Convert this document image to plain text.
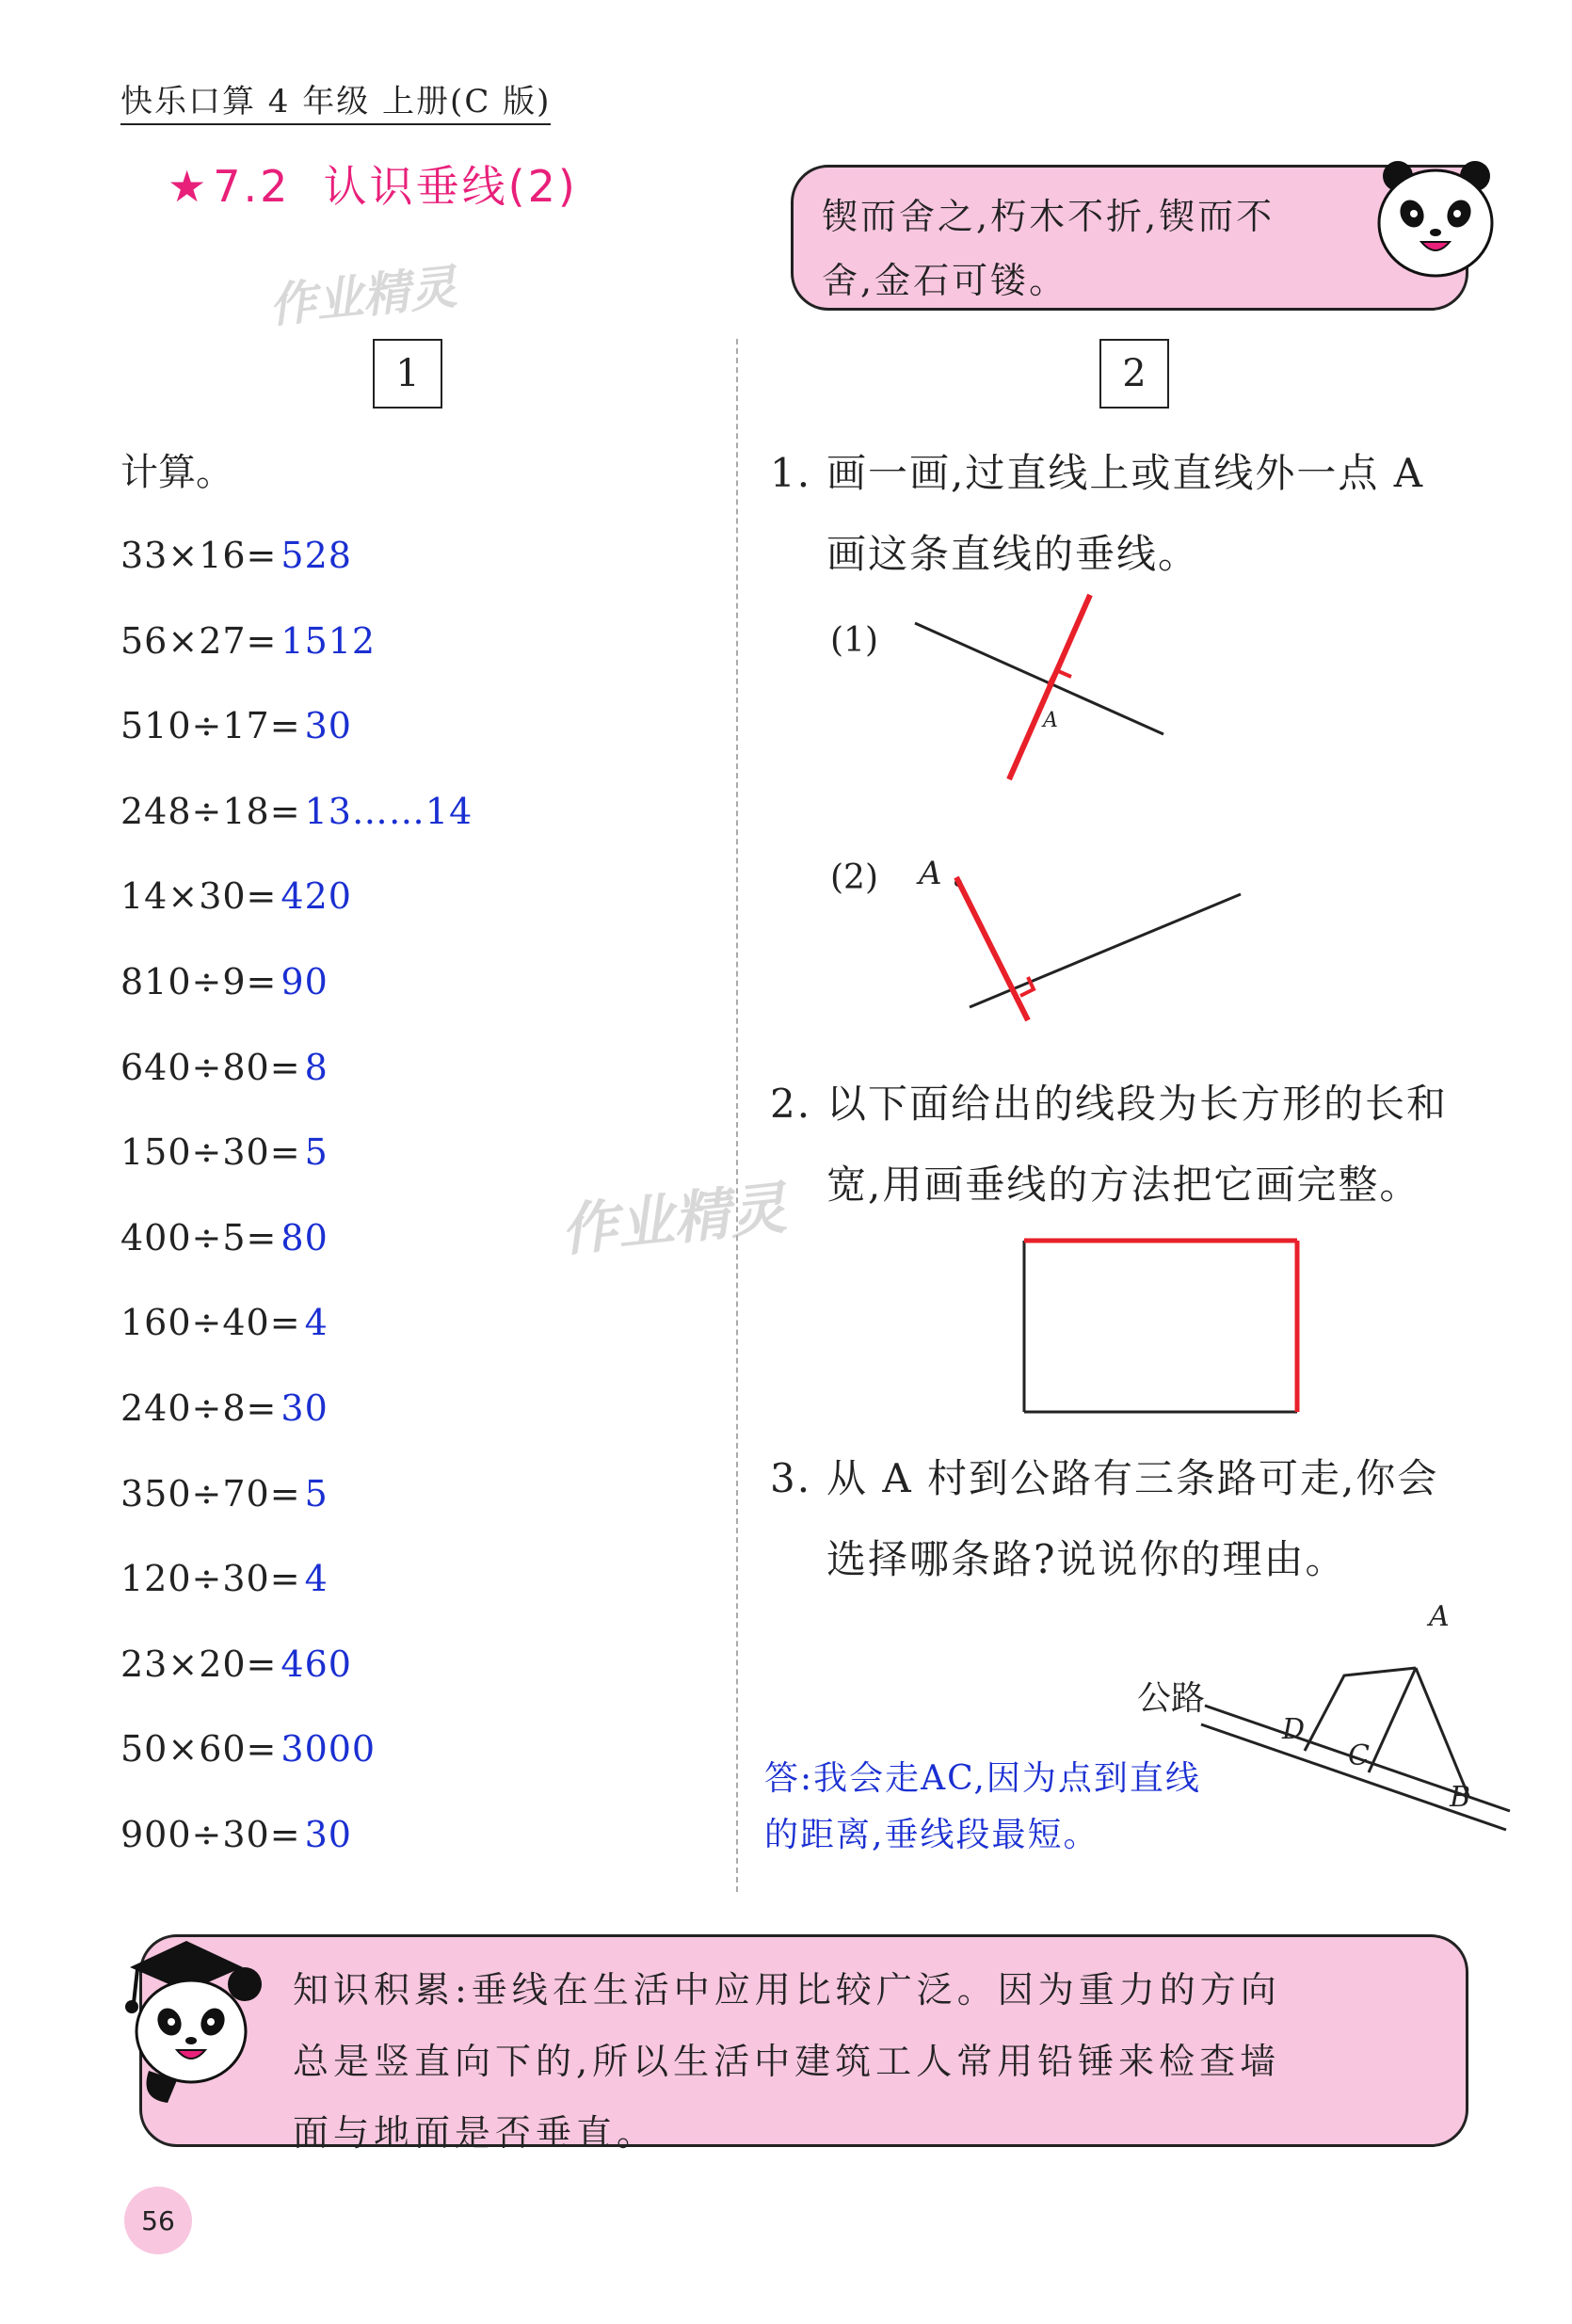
快乐口算 4 年级 上册(C 版)
★7.2 认识垂线(2)
作业精灵
作业精灵
锲而舍之,朽木不折,锲而不
舍,金石可镂。
1
计算。
33×16= 528
56×27= 1512
510÷17= 30
248÷18= 13……14
14×30= 420
810÷9= 90
640÷80= 8
150÷30= 5
400÷5= 80
160÷40= 4
240÷8= 30
350÷70= 5
120÷30= 4
23×20= 460
50×60= 3000
900÷30= 30
2
1. 画一画,过直线上或直线外一点 A
画这条直线的垂线。
(1)
A
(2) A
2. 以下面给出的线段为长方形的长和
宽,用画垂线的方法把它画完整。
3. 从 A 村到公路有三条路可走,你会
选择哪条路?说说你的理由。
公路
A
D
C
B
答:我会走AC,因为点到直线
的距离,垂线段最短。
知识积累:垂线在生活中应用比较广泛。因为重力的方向
总是竖直向下的,所以生活中建筑工人常用铅锤来检查墙
面与地面是否垂直。
56
